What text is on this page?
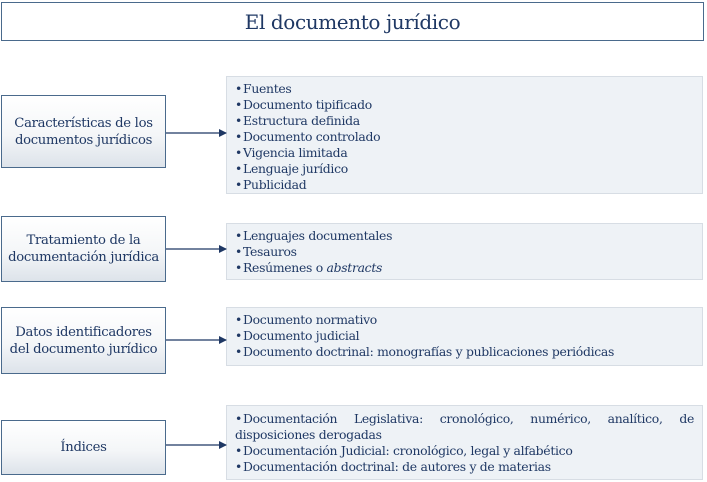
El documento jurídico
Características de los documentos jurídicos
•Fuentes
•Documento tipificado
•Estructura definida
•Documento controlado
•Vigencia limitada
•Lenguaje jurídico
•Publicidad
Tratamiento de la documentación jurídica
•Lenguajes documentales
•Tesauros
•Resúmenes o abstracts
Datos identificadores del documento jurídico
•Documento normativo
•Documento judicial
•Documento doctrinal: monografías y publicaciones periódicas
Índices
•Documentación Legislativa: cronológico, numérico, analítico, de disposiciones derogadas
•Documentación Judicial: cronológico, legal y alfabético
•Documentación doctrinal: de autores y de materias
